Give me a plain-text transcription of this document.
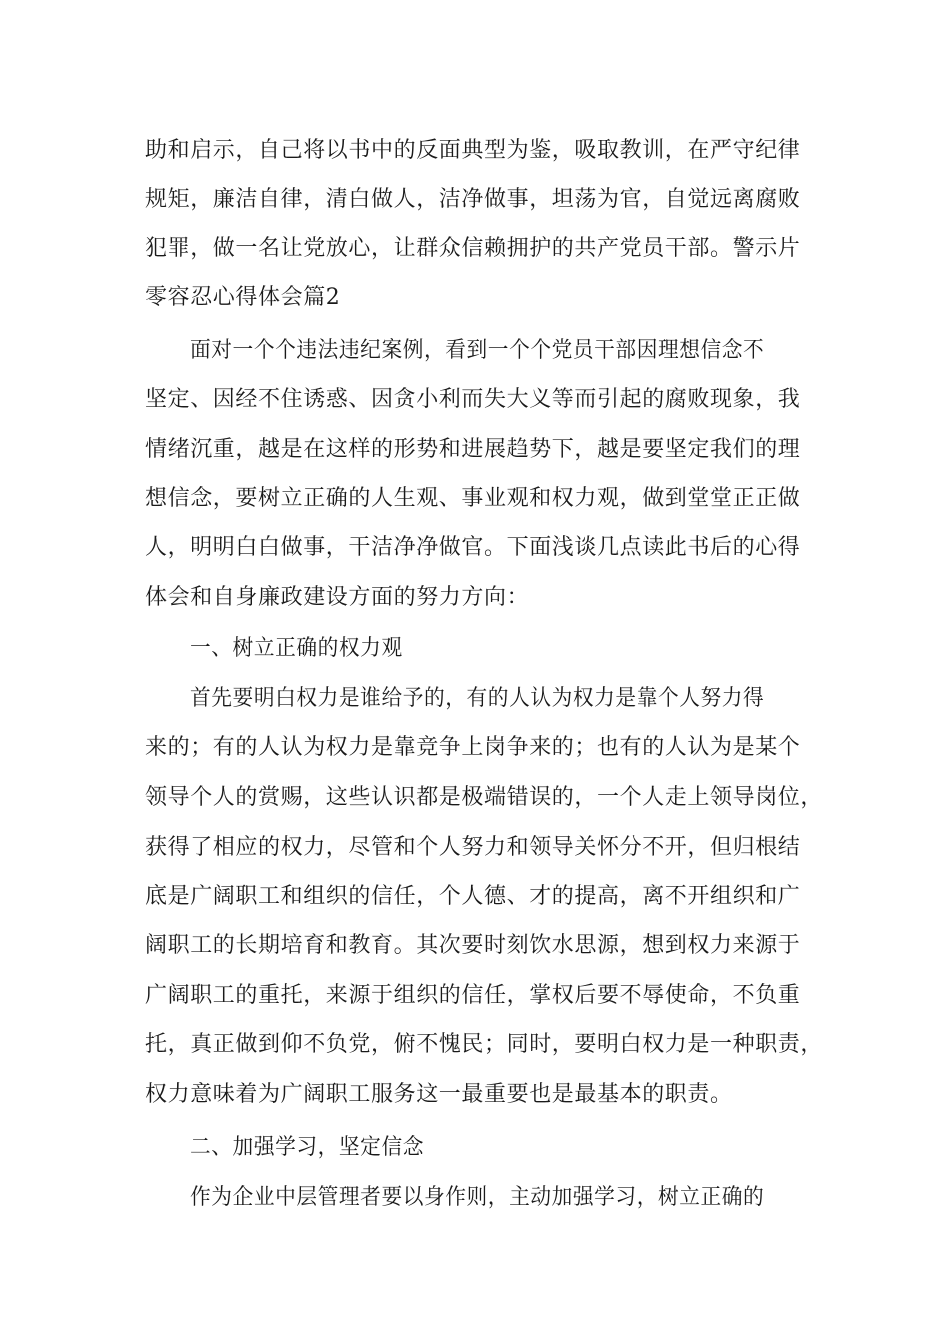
助和启示，自己将以书中的反面典型为鉴，吸取教训，在严守纪律
规矩，廉洁自律，清白做人，洁净做事，坦荡为官，自觉远离腐败
犯罪，做一名让党放心，让群众信赖拥护的共产党员干部。警示片
零容忍心得体会篇2
面对一个个违法违纪案例，看到一个个党员干部因理想信念不
坚定、因经不住诱惑、因贪小利而失大义等而引起的腐败现象，我
情绪沉重，越是在这样的形势和进展趋势下，越是要坚定我们的理
想信念，要树立正确的人生观、事业观和权力观，做到堂堂正正做
人，明明白白做事，干洁净净做官。下面浅谈几点读此书后的心得
体会和自身廉政建设方面的努力方向：
一、树立正确的权力观
首先要明白权力是谁给予的，有的人认为权力是靠个人努力得
来的；有的人认为权力是靠竞争上岗争来的；也有的人认为是某个
领导个人的赏赐，这些认识都是极端错误的，一个人走上领导岗位，
获得了相应的权力，尽管和个人努力和领导关怀分不开，但归根结
底是广阔职工和组织的信任，个人德、才的提高，离不开组织和广
阔职工的长期培育和教育。其次要时刻饮水思源，想到权力来源于
广阔职工的重托，来源于组织的信任，掌权后要不辱使命，不负重
托，真正做到仰不负党，俯不愧民；同时，要明白权力是一种职责，
权力意味着为广阔职工服务这一最重要也是最基本的职责。
二、加强学习，坚定信念
作为企业中层管理者要以身作则，主动加强学习，树立正确的
